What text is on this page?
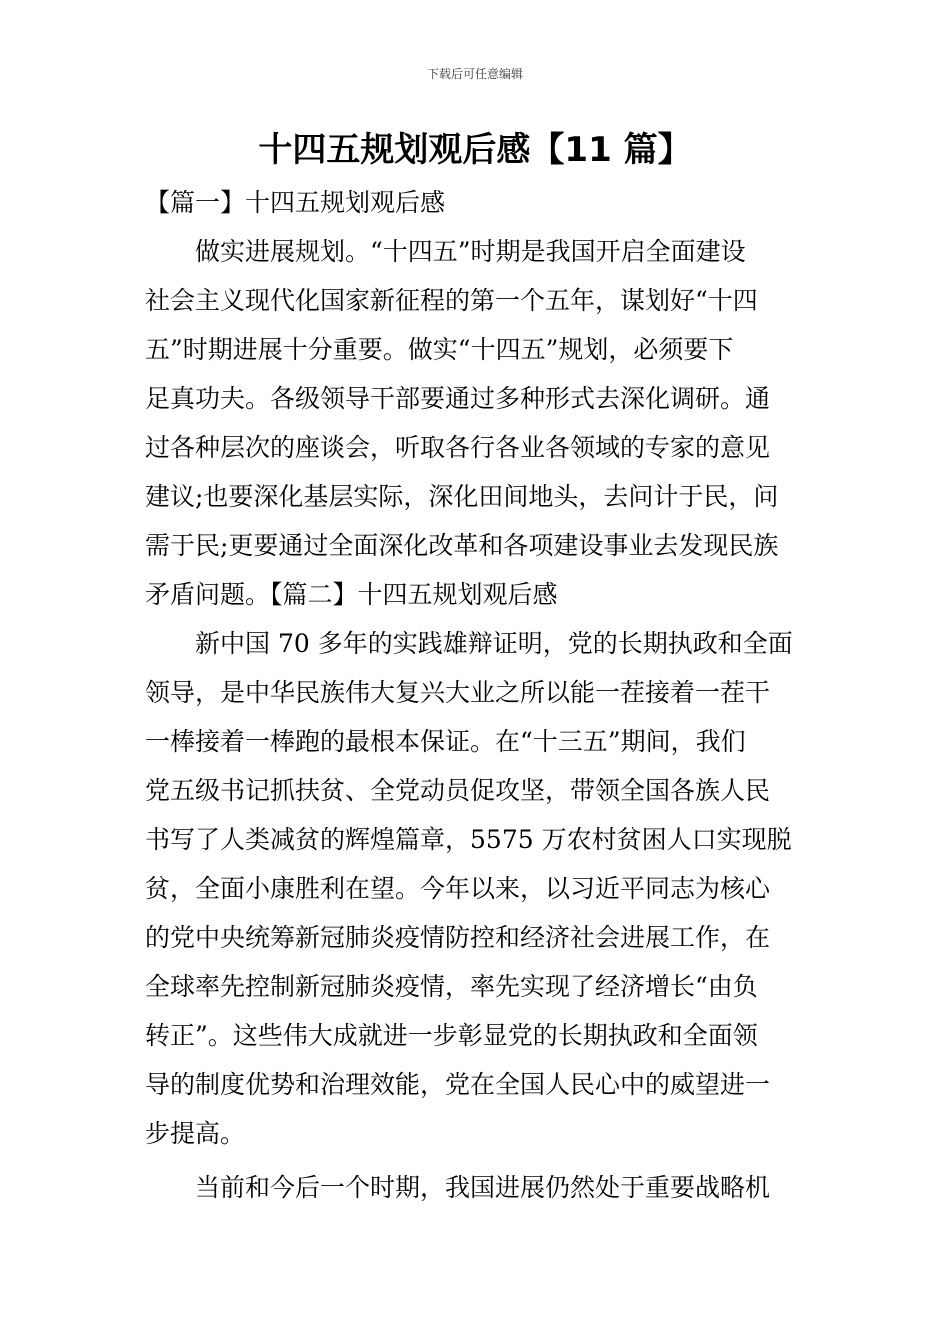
下载后可任意编辑
十四五规划观后感【11 篇】
【篇一】十四五规划观后感
做实进展规划。“十四五”时期是我国开启全面建设
社会主义现代化国家新征程的第一个五年，谋划好“十四
五”时期进展十分重要。做实“十四五”规划，必须要下
足真功夫。各级领导干部要通过多种形式去深化调研。通
过各种层次的座谈会，听取各行各业各领域的专家的意见
建议;也要深化基层实际，深化田间地头，去问计于民，问
需于民;更要通过全面深化改革和各项建设事业去发现民族
矛盾问题。【篇二】十四五规划观后感
新中国 70 多年的实践雄辩证明，党的长期执政和全面
领导，是中华民族伟大复兴大业之所以能一茬接着一茬干
一棒接着一棒跑的最根本保证。在“十三五”期间，我们
党五级书记抓扶贫、全党动员促攻坚，带领全国各族人民
书写了人类减贫的辉煌篇章，5575 万农村贫困人口实现脱
贫，全面小康胜利在望。今年以来，以习近平同志为核心
的党中央统筹新冠肺炎疫情防控和经济社会进展工作，在
全球率先控制新冠肺炎疫情，率先实现了经济增长“由负
转正”。这些伟大成就进一步彰显党的长期执政和全面领
导的制度优势和治理效能，党在全国人民心中的威望进一
步提高。
当前和今后一个时期，我国进展仍然处于重要战略机
